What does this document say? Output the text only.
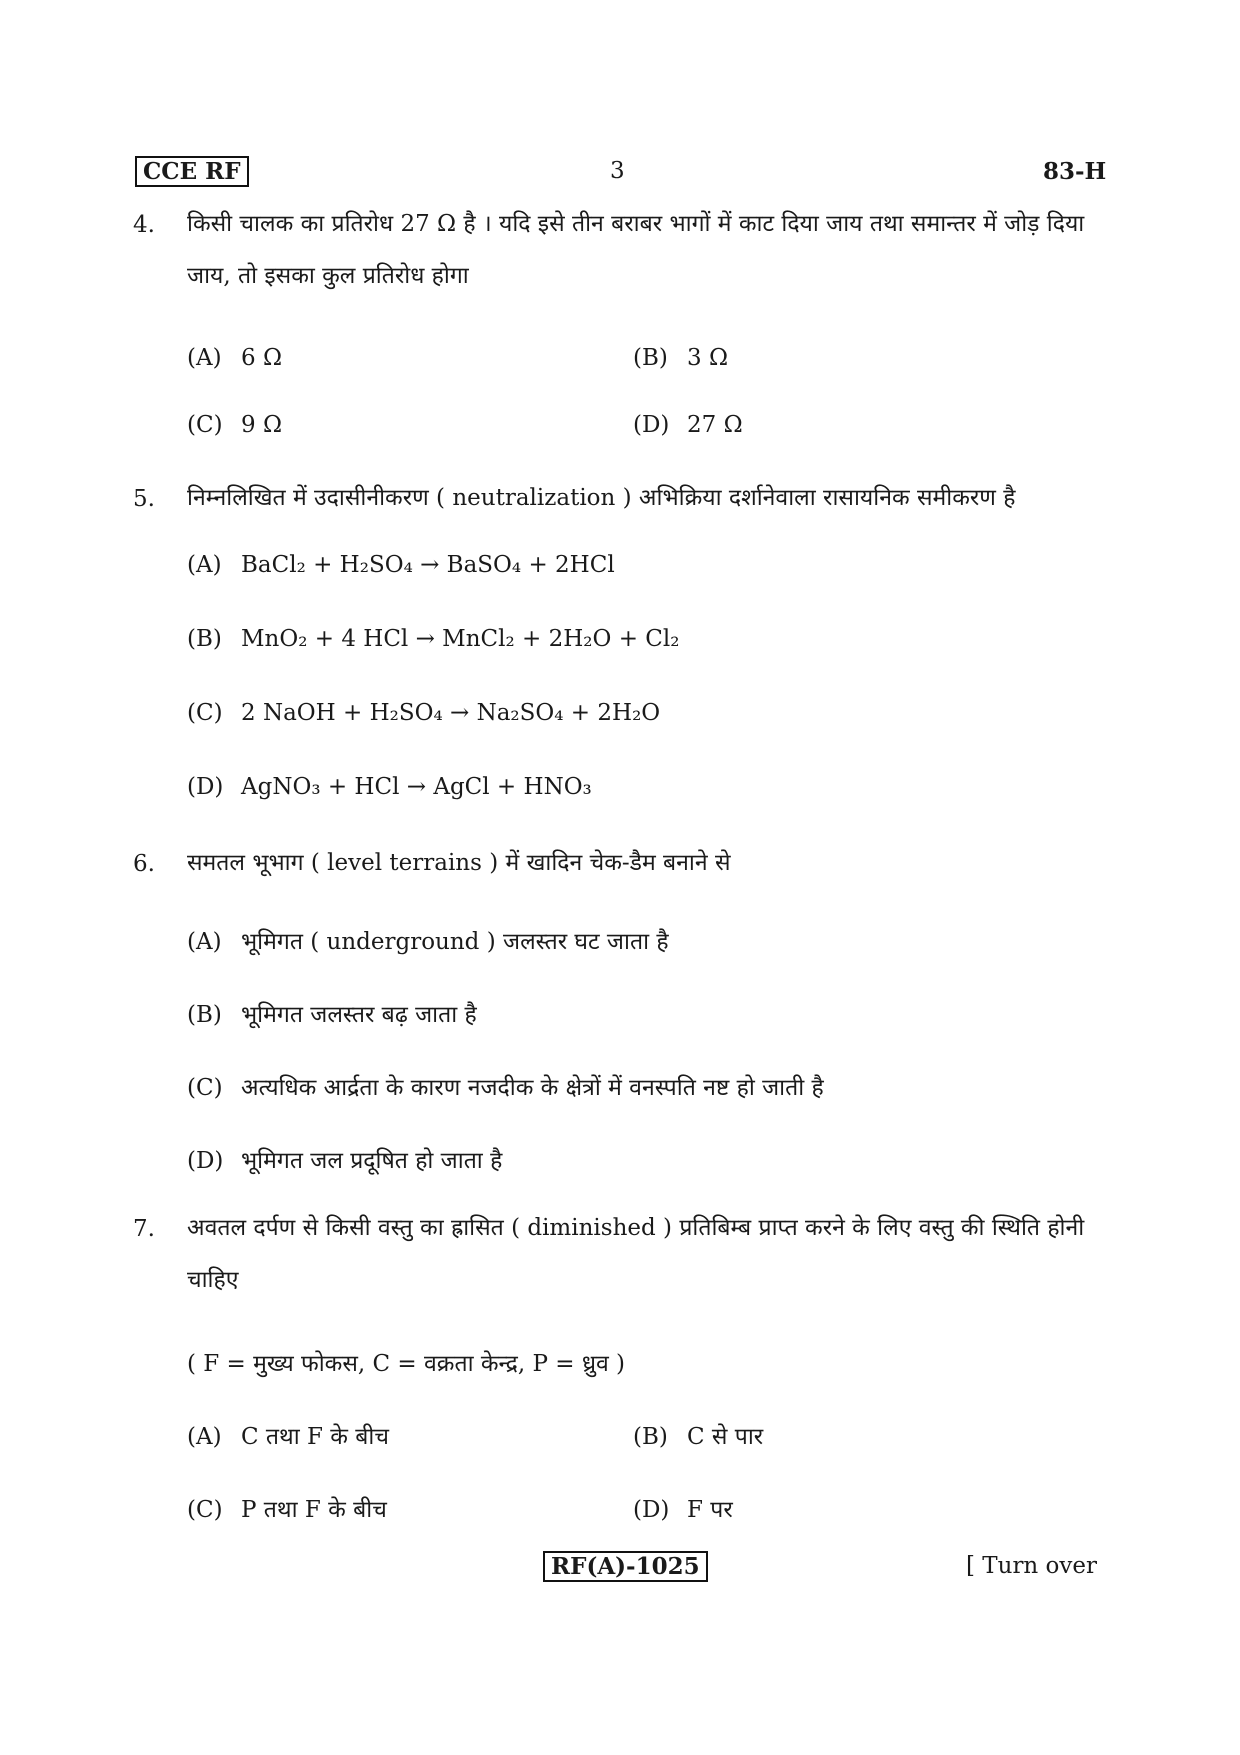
CCE RF	3	83-H
4. किसी चालक का प्रतिरोध 27 Ω है । यदि इसे तीन बराबर भागों में काट दिया जाय तथा समान्तर में जोड़ दिया जाय, तो इसका कुल प्रतिरोध होगा
(A) 6 Ω	(B) 3 Ω
(C) 9 Ω	(D) 27 Ω
5. निम्नलिखित में उदासीनीकरण ( neutralization ) अभिक्रिया दर्शानेवाला रासायनिक समीकरण है
(A) BaCl₂ + H₂SO₄ → BaSO₄ + 2HCl
(B) MnO₂ + 4 HCl → MnCl₂ + 2H₂O + Cl₂
(C) 2 NaOH + H₂SO₄ → Na₂SO₄ + 2H₂O
(D) AgNO₃ + HCl → AgCl + HNO₃
6. समतल भूभाग ( level terrains ) में खादिन चेक-डैम बनाने से
(A) भूमिगत ( underground ) जलस्तर घट जाता है
(B) भूमिगत जलस्तर बढ़ जाता है
(C) अत्यधिक आर्द्रता के कारण नजदीक के क्षेत्रों में वनस्पति नष्ट हो जाती है
(D) भूमिगत जल प्रदूषित हो जाता है
7. अवतल दर्पण से किसी वस्तु का ह्रासित ( diminished ) प्रतिबिम्ब प्राप्त करने के लिए वस्तु की स्थिति होनी चाहिए
( F = मुख्य फोकस, C = वक्रता केन्द्र, P = ध्रुव )
(A) C तथा F के बीच	(B) C से पार
(C) P तथा F के बीच	(D) F पर
RF(A)-1025	[ Turn over
